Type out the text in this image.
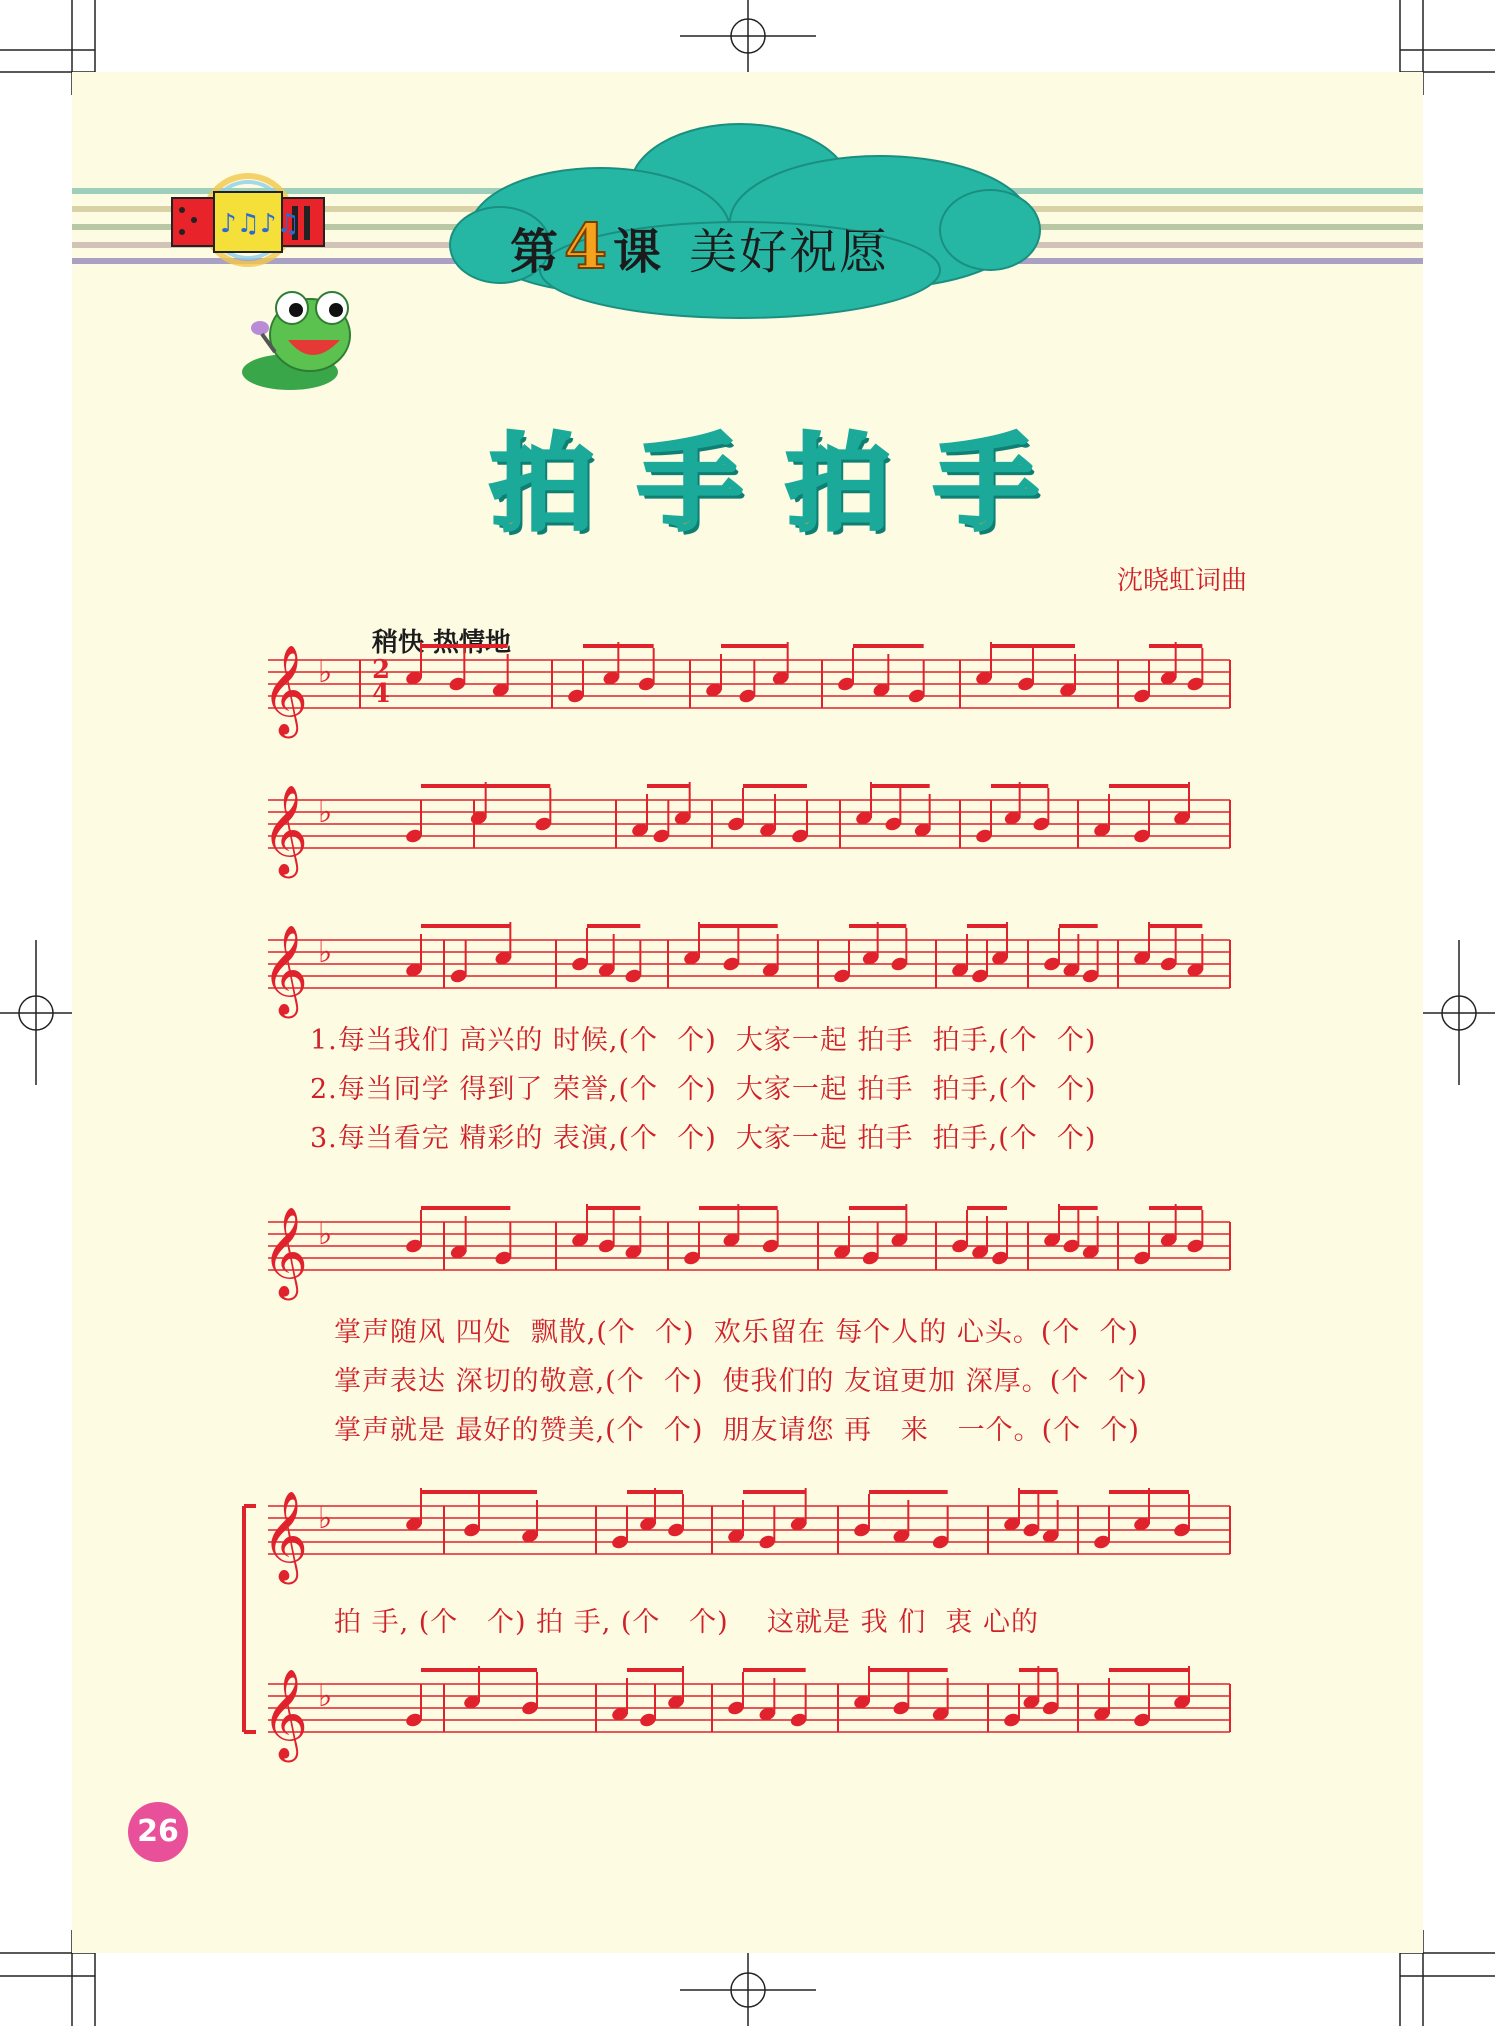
♪♫♪♫	第4 课 美好祝愿
拍手拍手
沈晓虹词曲
稍快 热情地
𝄞 ♭
𝄞 ♭
𝄞 ♭
𝄞 ♭
𝄞 ♭
𝄞 ♭
2
4
1.每当我们 高兴的 时候,(个  个)  大家一起 拍手  拍手,(个  个)
2.每当同学 得到了 荣誉,(个  个)  大家一起 拍手  拍手,(个  个)
3.每当看完 精彩的 表演,(个  个)  大家一起 拍手  拍手,(个  个)
掌声随风 四处  飘散,(个  个)  欢乐留在 每个人的 心头。(个  个)
掌声表达 深切的敬意,(个  个)  使我们的 友谊更加 深厚。(个  个)
掌声就是 最好的赞美,(个  个)  朋友请您 再   来   一个。(个  个)
拍 手, (个   个) 拍 手, (个   个)    这就是 我 们  衷 心的
26
